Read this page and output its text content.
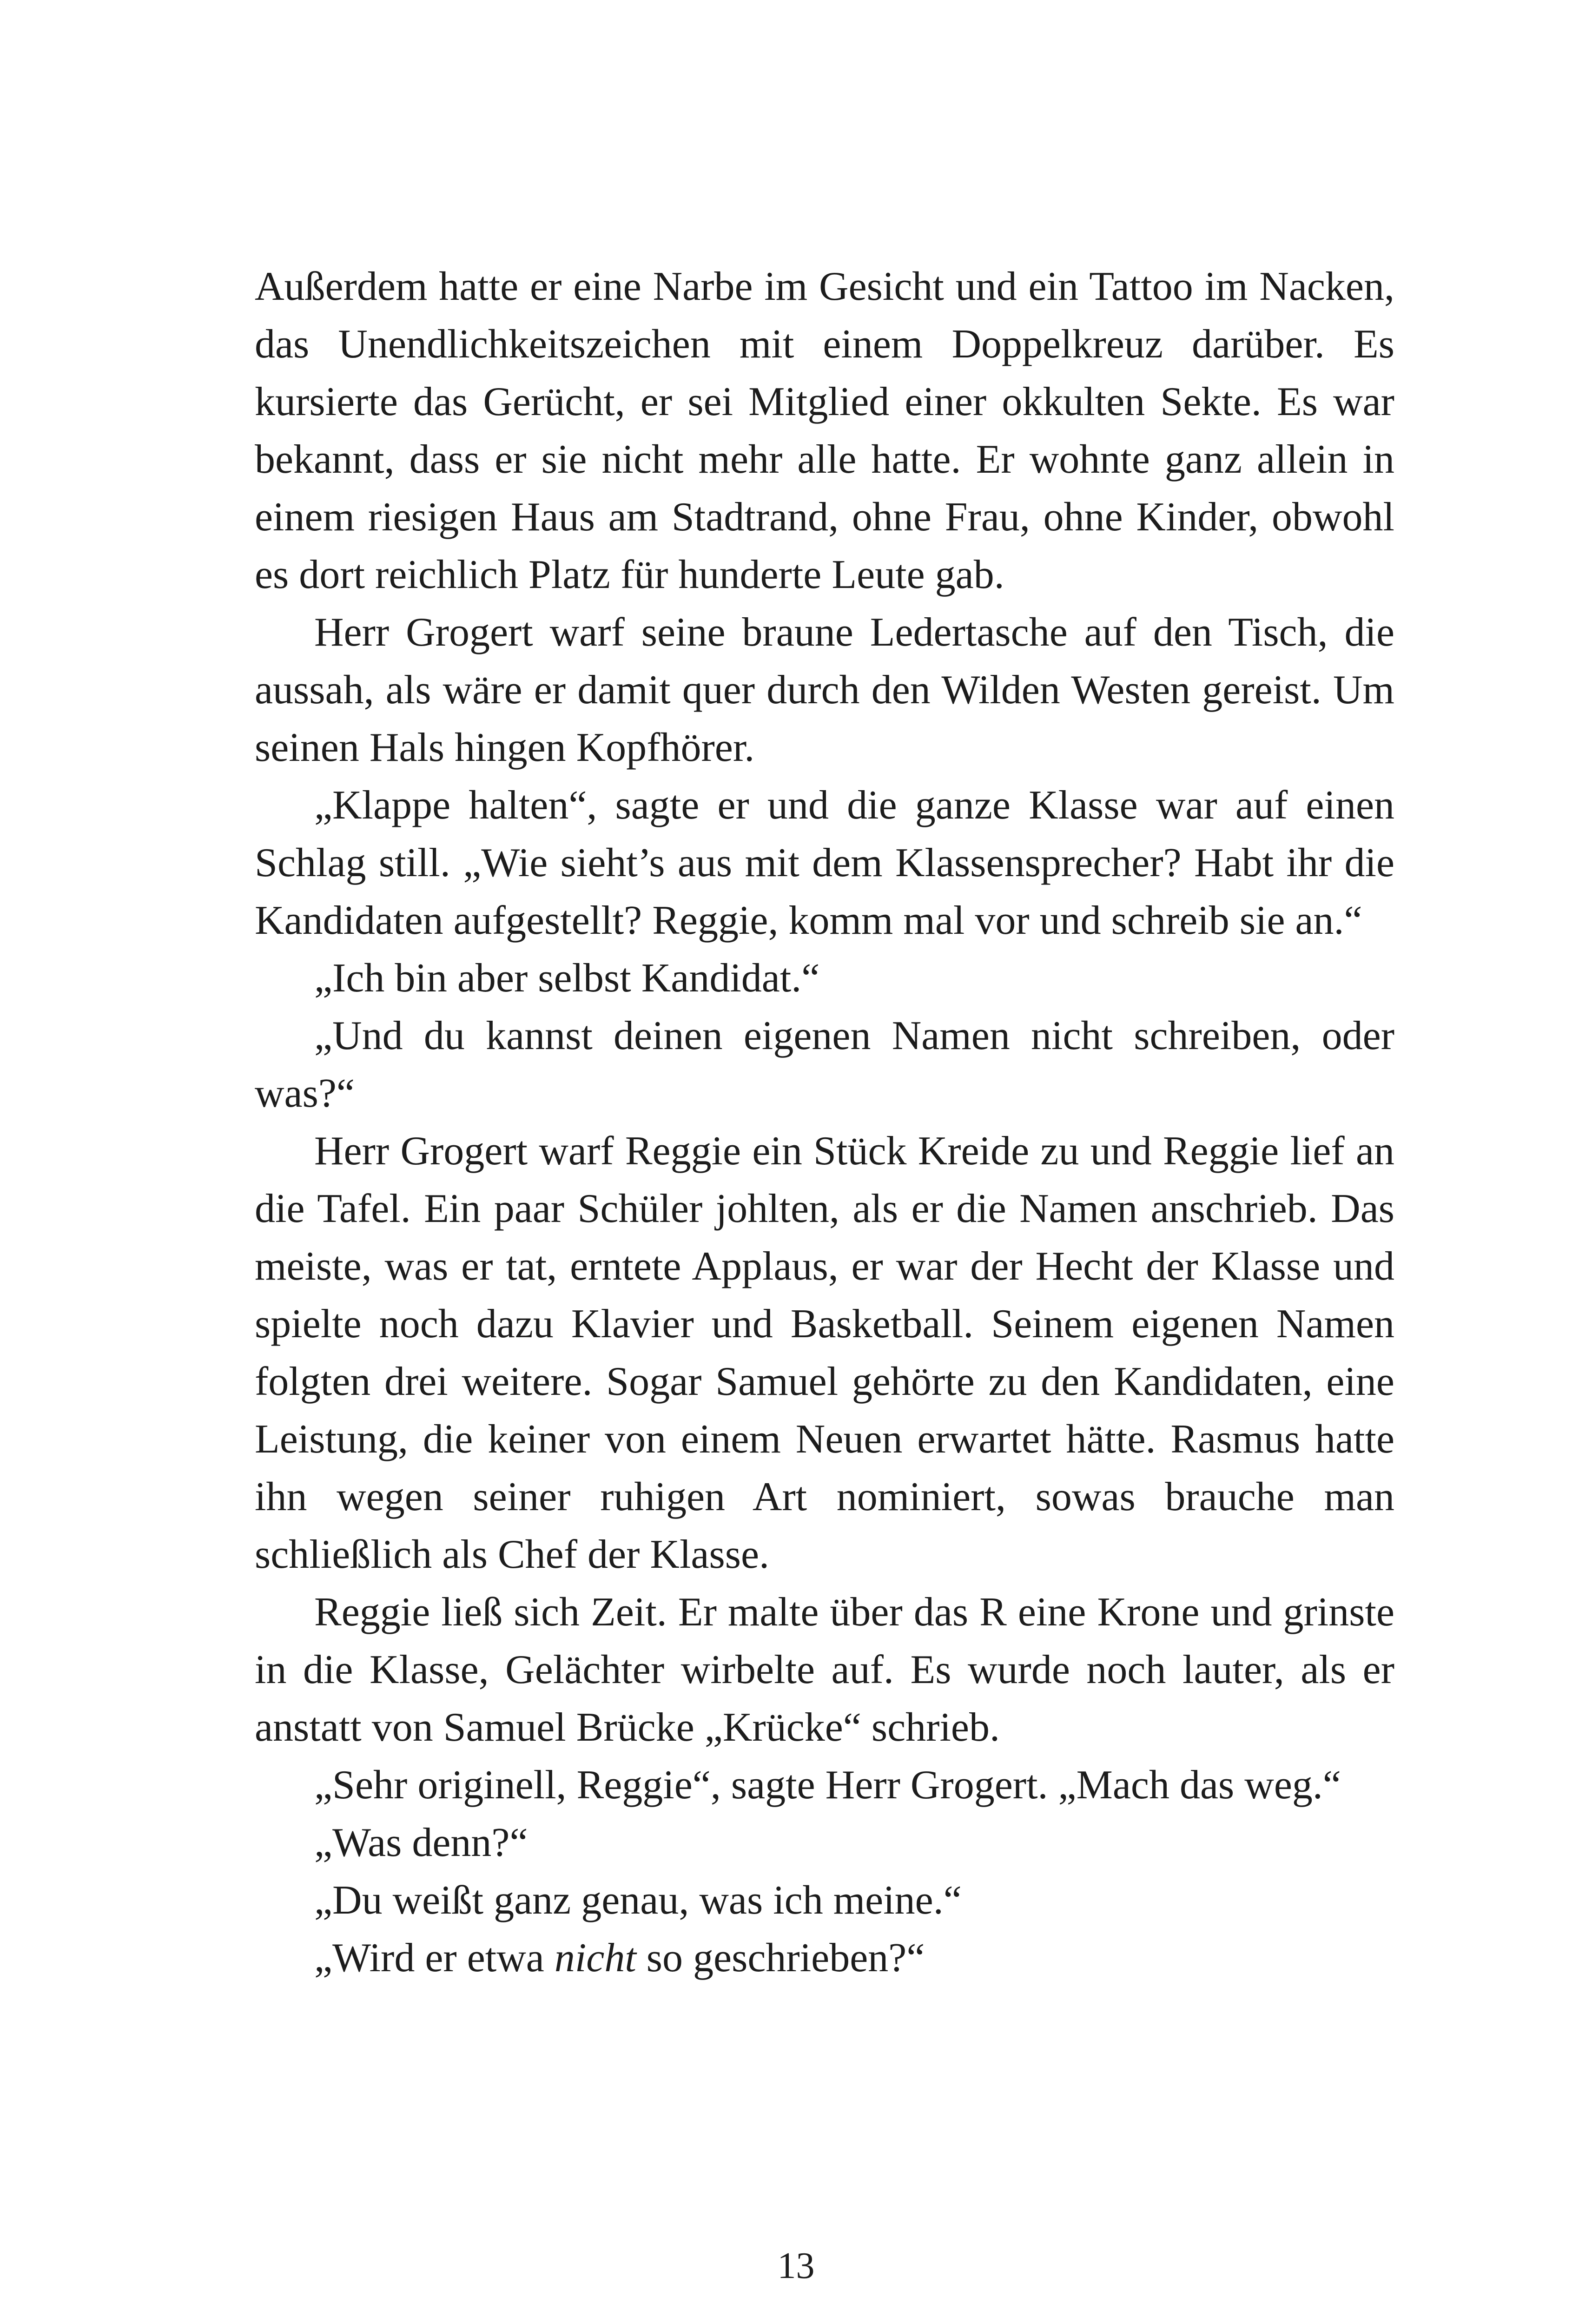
Außerdem hatte er eine Narbe im Gesicht und ein Tattoo im Nacken, das Unendlichkeitszeichen mit einem Doppelkreuz darüber. Es kursierte das Gerücht, er sei Mitglied einer okkulten Sekte. Es war bekannt, dass er sie nicht mehr alle hatte. Er wohnte ganz allein in einem riesigen Haus am Stadtrand, ohne Frau, ohne Kinder, obwohl es dort reichlich Platz für hunderte Leute gab.

Herr Grogert warf seine braune Ledertasche auf den Tisch, die aussah, als wäre er damit quer durch den Wilden Westen gereist. Um seinen Hals hingen Kopfhörer.

„Klappe halten“, sagte er und die ganze Klasse war auf einen Schlag still. „Wie sieht’s aus mit dem Klassensprecher? Habt ihr die Kandidaten aufgestellt? Reggie, komm mal vor und schreib sie an.“

„Ich bin aber selbst Kandidat.“

„Und du kannst deinen eigenen Namen nicht schreiben, oder was?“

Herr Grogert warf Reggie ein Stück Kreide zu und Reggie lief an die Tafel. Ein paar Schüler johlten, als er die Namen anschrieb. Das meiste, was er tat, erntete Applaus, er war der Hecht der Klasse und spielte noch dazu Klavier und Basketball. Seinem eigenen Namen folgten drei weitere. Sogar Samuel gehörte zu den Kandidaten, eine Leistung, die keiner von einem Neuen erwartet hätte. Rasmus hatte ihn wegen seiner ruhigen Art nominiert, sowas brauche man schließlich als Chef der Klasse.

Reggie ließ sich Zeit. Er malte über das R eine Krone und grinste in die Klasse, Gelächter wirbelte auf. Es wurde noch lauter, als er anstatt von Samuel Brücke „Krücke“ schrieb.

„Sehr originell, Reggie“, sagte Herr Grogert. „Mach das weg.“

„Was denn?“

„Du weißt ganz genau, was ich meine.“

„Wird er etwa nicht so geschrieben?“

13
